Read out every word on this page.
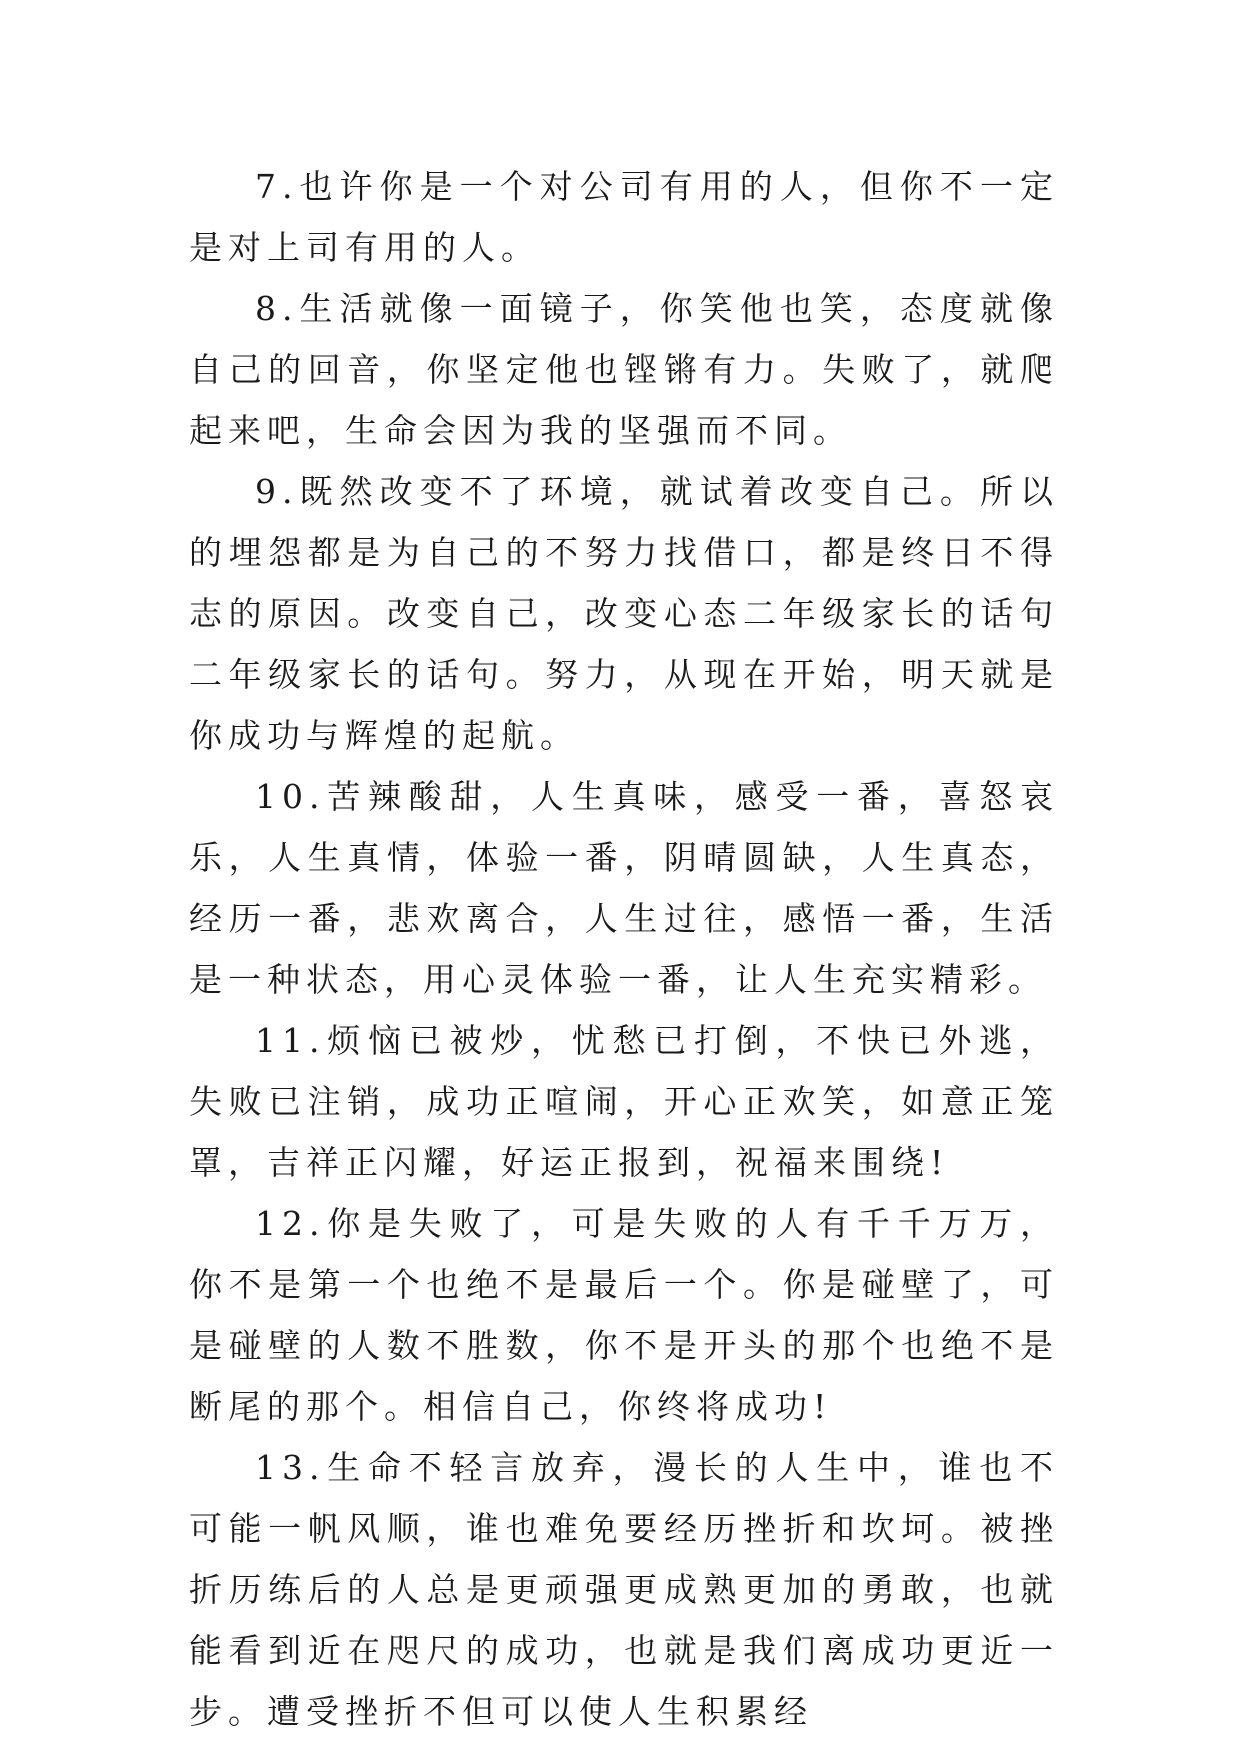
7.也许你是一个对公司有用的人，但你不一定是对上司有用的人。

8.生活就像一面镜子，你笑他也笑，态度就像自己的回音，你坚定他也铿锵有力。失败了，就爬起来吧，生命会因为我的坚强而不同。

9.既然改变不了环境，就试着改变自己。所以的埋怨都是为自己的不努力找借口，都是终日不得志的原因。改变自己，改变心态二年级家长的话句二年级家长的话句。努力，从现在开始，明天就是你成功与辉煌的起航。

10.苦辣酸甜，人生真味，感受一番，喜怒哀乐，人生真情，体验一番，阴晴圆缺，人生真态，经历一番，悲欢离合，人生过往，感悟一番，生活是一种状态，用心灵体验一番，让人生充实精彩。

11.烦恼已被炒，忧愁已打倒，不快已外逃，失败已注销，成功正喧闹，开心正欢笑，如意正笼罩，吉祥正闪耀，好运正报到，祝福来围绕!

12.你是失败了，可是失败的人有千千万万，你不是第一个也绝不是最后一个。你是碰壁了，可是碰壁的人数不胜数，你不是开头的那个也绝不是断尾的那个。相信自己，你终将成功!

13.生命不轻言放弃，漫长的人生中，谁也不可能一帆风顺，谁也难免要经历挫折和坎坷。被挫折历练后的人总是更顽强更成熟更加的勇敢，也就能看到近在咫尺的成功，也就是我们离成功更近一步。遭受挫折不但可以使人生积累经
